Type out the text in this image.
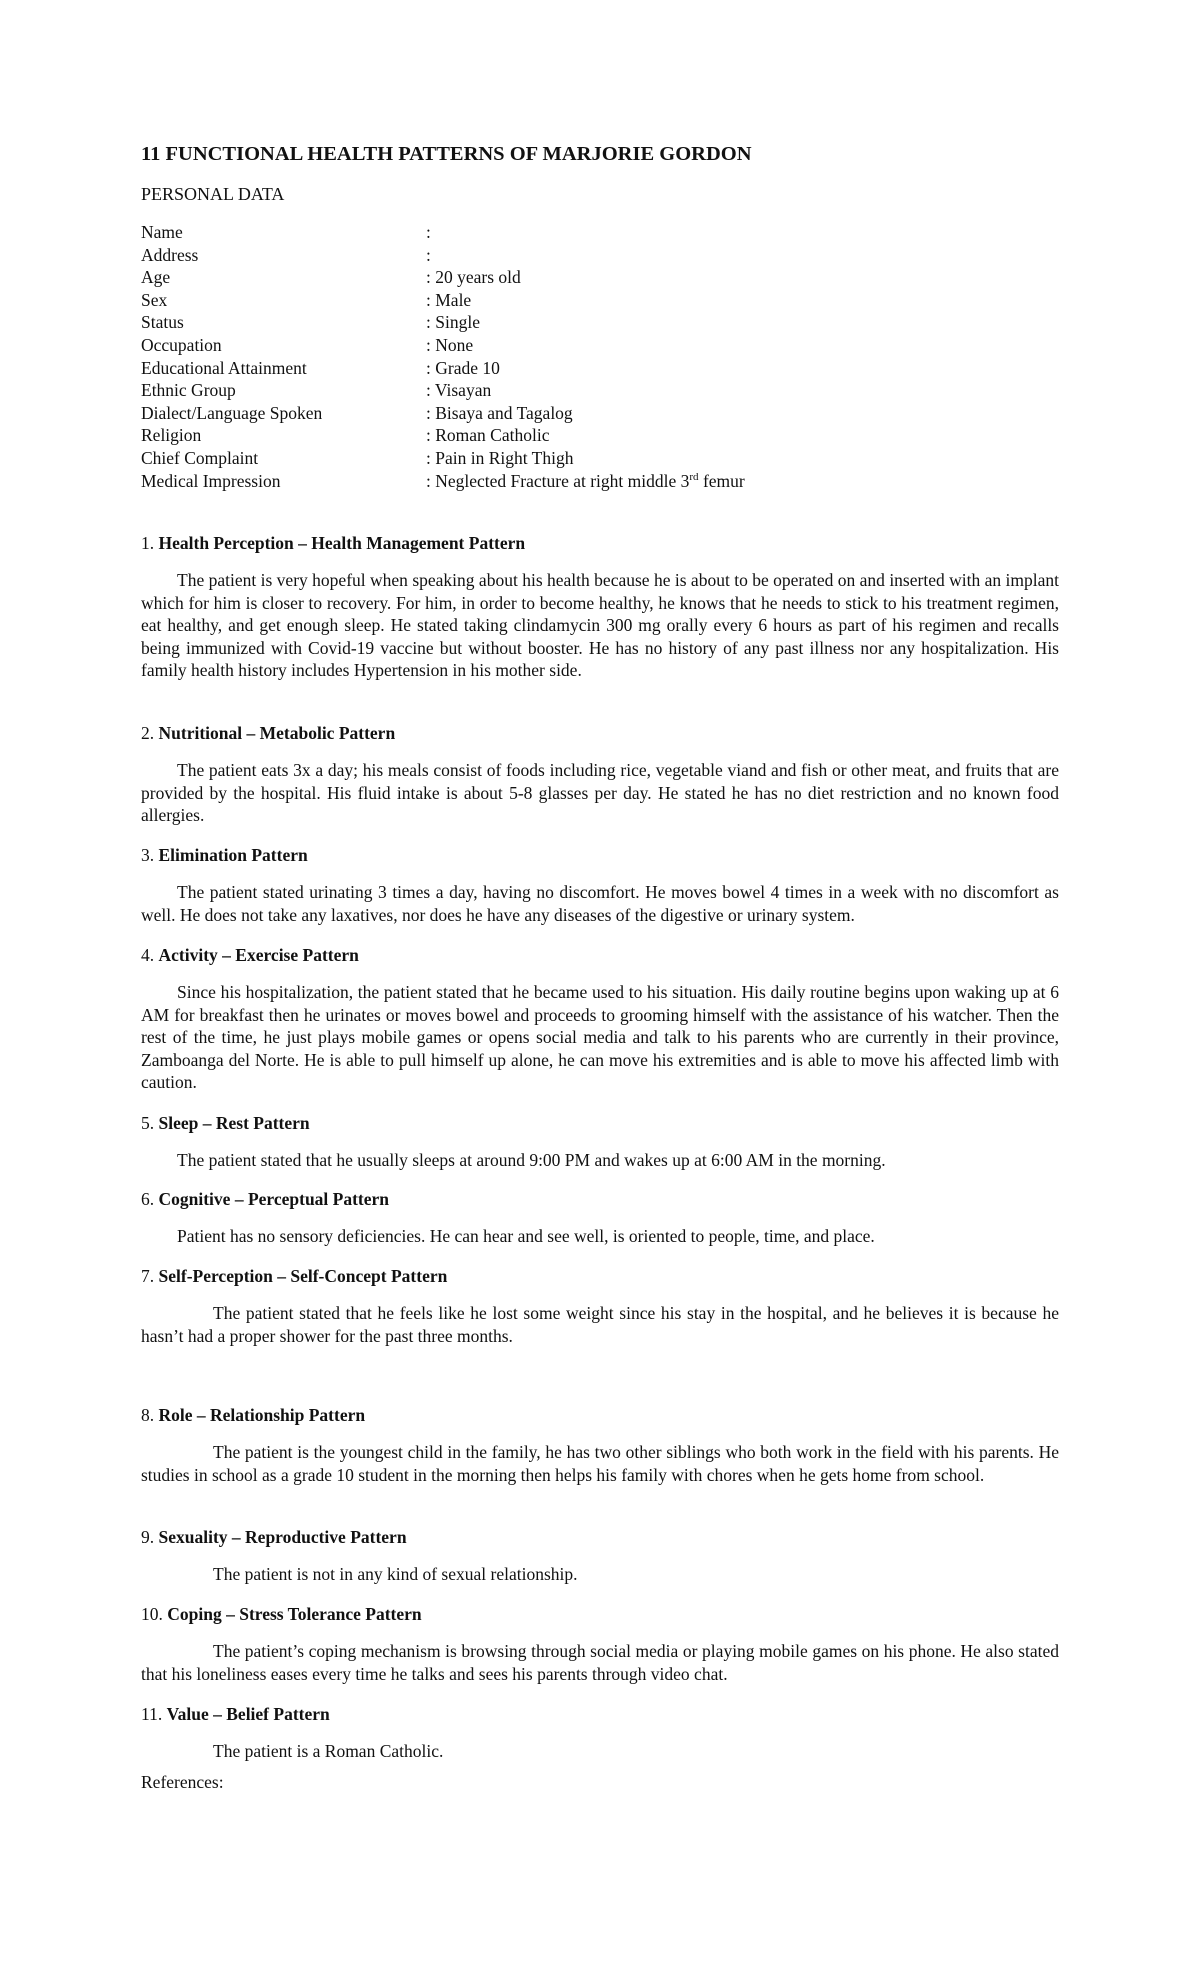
11 FUNCTIONAL HEALTH PATTERNS OF MARJORIE GORDON

PERSONAL DATA

Name	:
Address	:
Age	: 20 years old
Sex	: Male
Status	: Single
Occupation	: None
Educational Attainment	: Grade 10
Ethnic Group	: Visayan
Dialect/Language Spoken	: Bisaya and Tagalog
Religion	: Roman Catholic
Chief Complaint	: Pain in Right Thigh
Medical Impression	: Neglected Fracture at right middle 3rd femur

1. Health Perception – Health Management Pattern

The patient is very hopeful when speaking about his health because he is about to be operated on and inserted with an implant which for him is closer to recovery. For him, in order to become healthy, he knows that he needs to stick to his treatment regimen, eat healthy, and get enough sleep. He stated taking clindamycin 300 mg orally every 6 hours as part of his regimen and recalls being immunized with Covid-19 vaccine but without booster. He has no history of any past illness nor any hospitalization. His family health history includes Hypertension in his mother side.

2. Nutritional – Metabolic Pattern

The patient eats 3x a day; his meals consist of foods including rice, vegetable viand and fish or other meat, and fruits that are provided by the hospital. His fluid intake is about 5-8 glasses per day. He stated he has no diet restriction and no known food allergies.

3. Elimination Pattern

The patient stated urinating 3 times a day, having no discomfort. He moves bowel 4 times in a week with no discomfort as well. He does not take any laxatives, nor does he have any diseases of the digestive or urinary system.

4. Activity – Exercise Pattern

Since his hospitalization, the patient stated that he became used to his situation. His daily routine begins upon waking up at 6 AM for breakfast then he urinates or moves bowel and proceeds to grooming himself with the assistance of his watcher. Then the rest of the time, he just plays mobile games or opens social media and talk to his parents who are currently in their province, Zamboanga del Norte. He is able to pull himself up alone, he can move his extremities and is able to move his affected limb with caution.

5. Sleep – Rest Pattern

The patient stated that he usually sleeps at around 9:00 PM and wakes up at 6:00 AM in the morning.

6. Cognitive – Perceptual Pattern

Patient has no sensory deficiencies. He can hear and see well, is oriented to people, time, and place.

7. Self-Perception – Self-Concept Pattern

The patient stated that he feels like he lost some weight since his stay in the hospital, and he believes it is because he hasn’t had a proper shower for the past three months.

8. Role – Relationship Pattern

The patient is the youngest child in the family, he has two other siblings who both work in the field with his parents. He studies in school as a grade 10 student in the morning then helps his family with chores when he gets home from school.

9. Sexuality – Reproductive Pattern

The patient is not in any kind of sexual relationship.

10. Coping – Stress Tolerance Pattern

The patient’s coping mechanism is browsing through social media or playing mobile games on his phone. He also stated that his loneliness eases every time he talks and sees his parents through video chat.

11. Value – Belief Pattern

The patient is a Roman Catholic.

References:
